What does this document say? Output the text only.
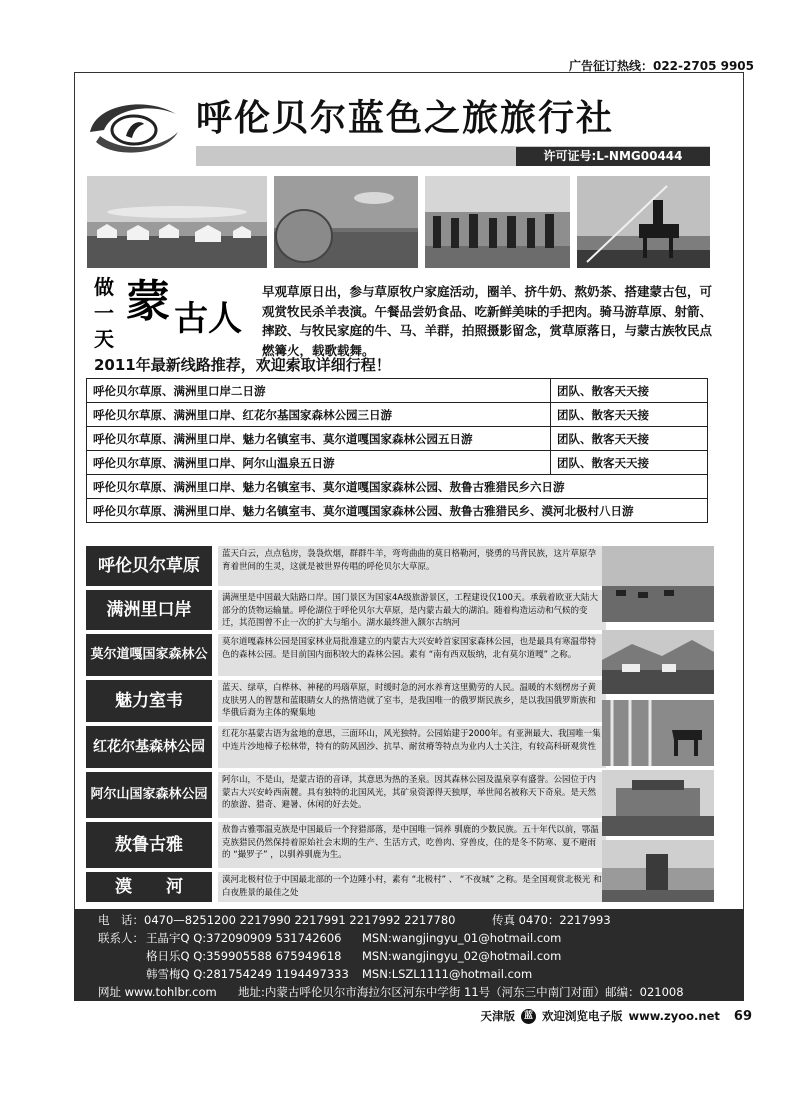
广告征订热线：022-2705 9905
呼伦贝尔蓝色之旅旅行社
许可证号:L-NMG00444
做
一
天
蒙 古人
早观草原日出，参与草原牧户家庭活动，圈羊、挤牛奶、熬奶茶、搭建蒙古包，可观赏牧民杀羊表演。午餐品尝奶食品、吃新鲜美味的手把肉。骑马游草原、射箭、摔跤、与牧民家庭的牛、马、羊群，拍照摄影留念，赏草原落日，与蒙古族牧民点燃篝火，载歌载舞。
2011年最新线路推荐，欢迎索取详细行程！
呼伦贝尔草原、满洲里口岸二日游	团队、散客天天接
呼伦贝尔草原、满洲里口岸、红花尔基国家森林公园三日游	团队、散客天天接
呼伦贝尔草原、满洲里口岸、魅力名镇室韦、莫尔道嘎国家森林公园五日游	团队、散客天天接
呼伦贝尔草原、满洲里口岸、阿尔山温泉五日游	团队、散客天天接
呼伦贝尔草原、满洲里口岸、魅力名镇室韦、莫尔道嘎国家森林公园、敖鲁古雅猎民乡六日游	
呼伦贝尔草原、满洲里口岸、魅力名镇室韦、莫尔道嘎国家森林公园、敖鲁古雅猎民乡、漠河北极村八日游	
呼伦贝尔草原
蓝天白云，点点毡房，袅袅炊烟，群群牛羊，弯弯曲曲的莫日格勒河，骁勇的马背民族，这片草原孕育着世间的生灵，这就是被世界传唱的呼伦贝尔大草原。
满洲里口岸
满洲里是中国最大陆路口岸。国门景区为国家4A级旅游景区，工程建设仅100天。承载着欧亚大陆大部分的货物运输量。呼伦湖位于呼伦贝尔大草原，是内蒙古最大的湖泊。随着构造运动和气候的变迁，其范围曾不止一次的扩大与缩小。湖水最终泄入额尔古纳河
莫尔道嘎国家森林公
莫尔道嘎森林公园是国家林业局批准建立的内蒙古大兴安岭首家国家森林公园，也是最具有寒温带特色的森林公园。是目前国内面积较大的森林公园。素有 “南有西双版纳，北有莫尔道嘎” 之称。
魅力室韦
蓝天、绿草，白桦林、神秘的玛瑙草原，时缓时急的河水养育这里勤劳的人民。温暖的木刻楞房子黄皮肤男人的智慧和蓝眼睛女人的热情造就了室韦，是我国唯一的俄罗斯民族乡，是以我国俄罗斯族和华俄后裔为主体的聚集地
红花尔基森林公园
红花尔基蒙古语为盆地的意思，三面环山，风光独特。公园始建于2000年。有亚洲最大、我国唯一集中连片沙地樟子松林带，特有的防风固沙、抗旱、耐贫瘠等特点为业内人士关注，有较高科研观赏性
阿尔山国家森林公园
阿尔山，不是山，是蒙古语的音译，其意思为热的圣泉。因其森林公园及温泉享有盛誉。公园位于内蒙古大兴安岭西南麓。具有独特的北国风光，其矿泉资源得天独厚，举世闻名被称天下奇泉。是天然的旅游、猎奇、避暑、休闲的好去处。
敖鲁古雅
敖鲁古雅鄂温克族是中国最后一个狩猎部落，是中国唯一饲养 驯鹿的少数民族。五十年代以前，鄂温克族猎民仍然保持着原始社会末期的生产、生活方式，吃兽肉、穿兽皮，住的是冬不防寒、夏不避雨的 “撮罗子” ，以驯养驯鹿为生。
漠　　河	漠河北极村位于中国最北部的一个边陲小村，素有 “北极村” 、 “不夜城” 之称。是全国观赏北极光 和白夜胜景的最佳之处
电　话：0470—8251200 2217990 2217991 2217992 2217780	传真 0470：2217993
联系人： 王晶宇Q Q:372090909 531742606 MSN:wangjingyu_01@hotmail.com
格日乐Q Q:359905588 675949618 MSN:wangjingyu_02@hotmail.com
韩雪梅Q Q:281754249 1194497333 MSN:LSZL1111@hotmail.com
网址 www.tohlbr.com 地址:内蒙古呼伦贝尔市海拉尔区河东中学街 11号（河东三中南门对面）邮编：021008
天津版 蓝 欢迎浏览电子版 www.zyoo.net 69
